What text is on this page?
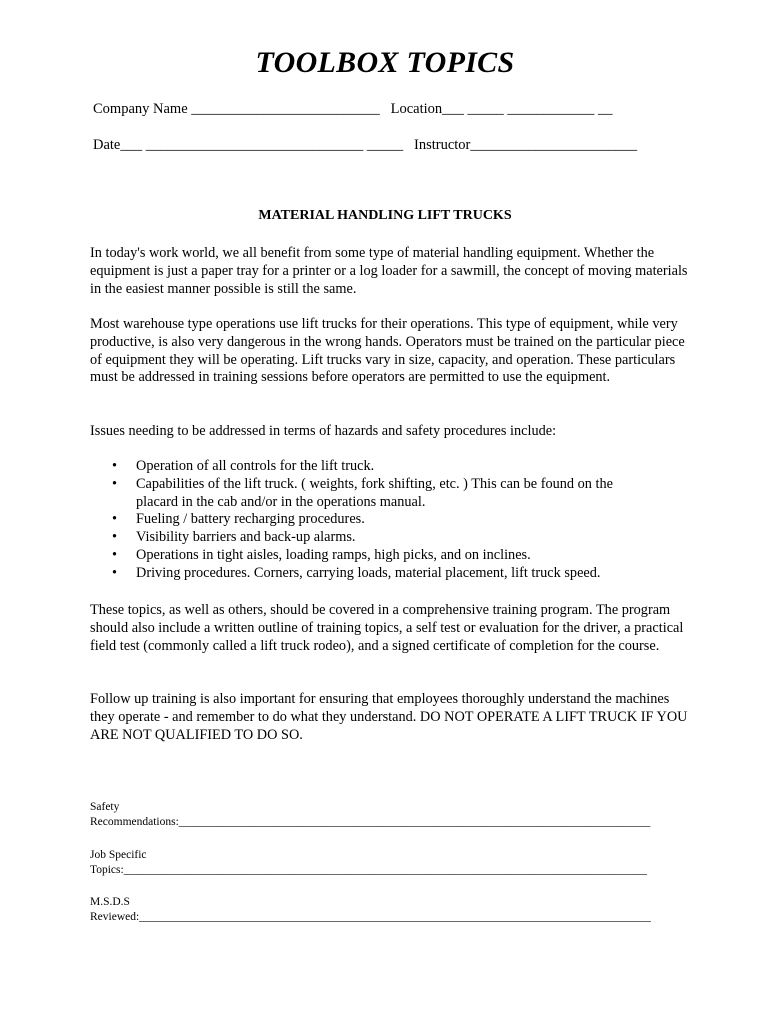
TOOLBOX TOPICS
Company Name __________________________   Location___ _____ ____________ __
Date___ ______________________________ _____   Instructor_______________________
MATERIAL HANDLING LIFT TRUCKS

In today's work world, we all benefit from some type of material handling equipment. Whether the equipment is just a paper tray for a printer or a log loader for a sawmill, the concept of moving materials in the easiest manner possible is still the same.

Most warehouse type operations use lift trucks for their operations. This type of equipment, while very productive, is also very dangerous in the wrong hands. Operators must be trained on the particular piece of equipment they will be operating. Lift trucks vary in size, capacity, and operation. These particulars must be addressed in training sessions before operators are permitted to use the equipment.

Issues needing to be addressed in terms of hazards and safety procedures include:

• Operation of all controls for the lift truck.
• Capabilities of the lift truck. ( weights, fork shifting, etc. ) This can be found on the placard in the cab and/or in the operations manual.
• Fueling / battery recharging procedures.
• Visibility barriers and back-up alarms.
• Operations in tight aisles, loading ramps, high picks, and on inclines.
• Driving procedures. Corners, carrying loads, material placement, lift truck speed.

These topics, as well as others, should be covered in a comprehensive training program. The program should also include a written outline of training topics, a self test or evaluation for the driver, a practical field test (commonly called a lift truck rodeo), and a signed certificate of completion for the course.

Follow up training is also important for ensuring that employees thoroughly understand the machines they operate - and remember to do what they understand. DO NOT OPERATE A LIFT TRUCK IF YOU ARE NOT QUALIFIED TO DO SO.

Safety
Recommendations:__________________________________________________________________________________
Job Specific
Topics:___________________________________________________________________________________________
M.S.D.S
Reviewed:_________________________________________________________________________________________
